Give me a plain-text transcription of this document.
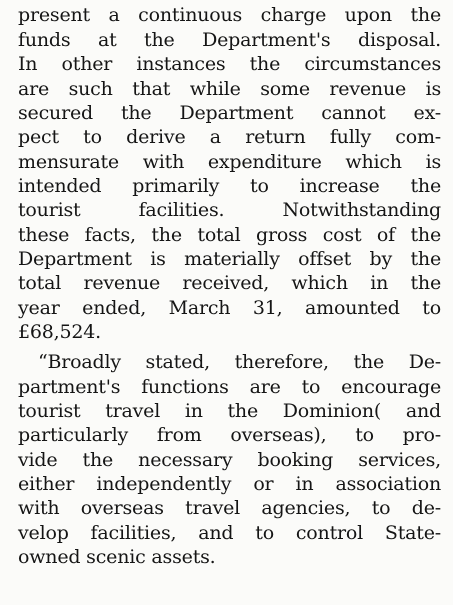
present a continuous charge upon the
funds at the Department's disposal.
In other instances the circumstances
are such that while some revenue is
secured the Department cannot ex-
pect to derive a return fully com-
mensurate with expenditure which is
intended primarily to increase the
tourist facilities. Notwithstanding
these facts, the total gross cost of the
Department is materially offset by the
total revenue received, which in the
year ended, March 31, amounted to
£68,524.
“Broadly stated, therefore, the De-
partment's functions are to encourage
tourist travel in the Dominion( and
particularly from overseas), to pro-
vide the necessary booking services,
either independently or in association
with overseas travel agencies, to de-
velop facilities, and to control State-
owned scenic assets.
